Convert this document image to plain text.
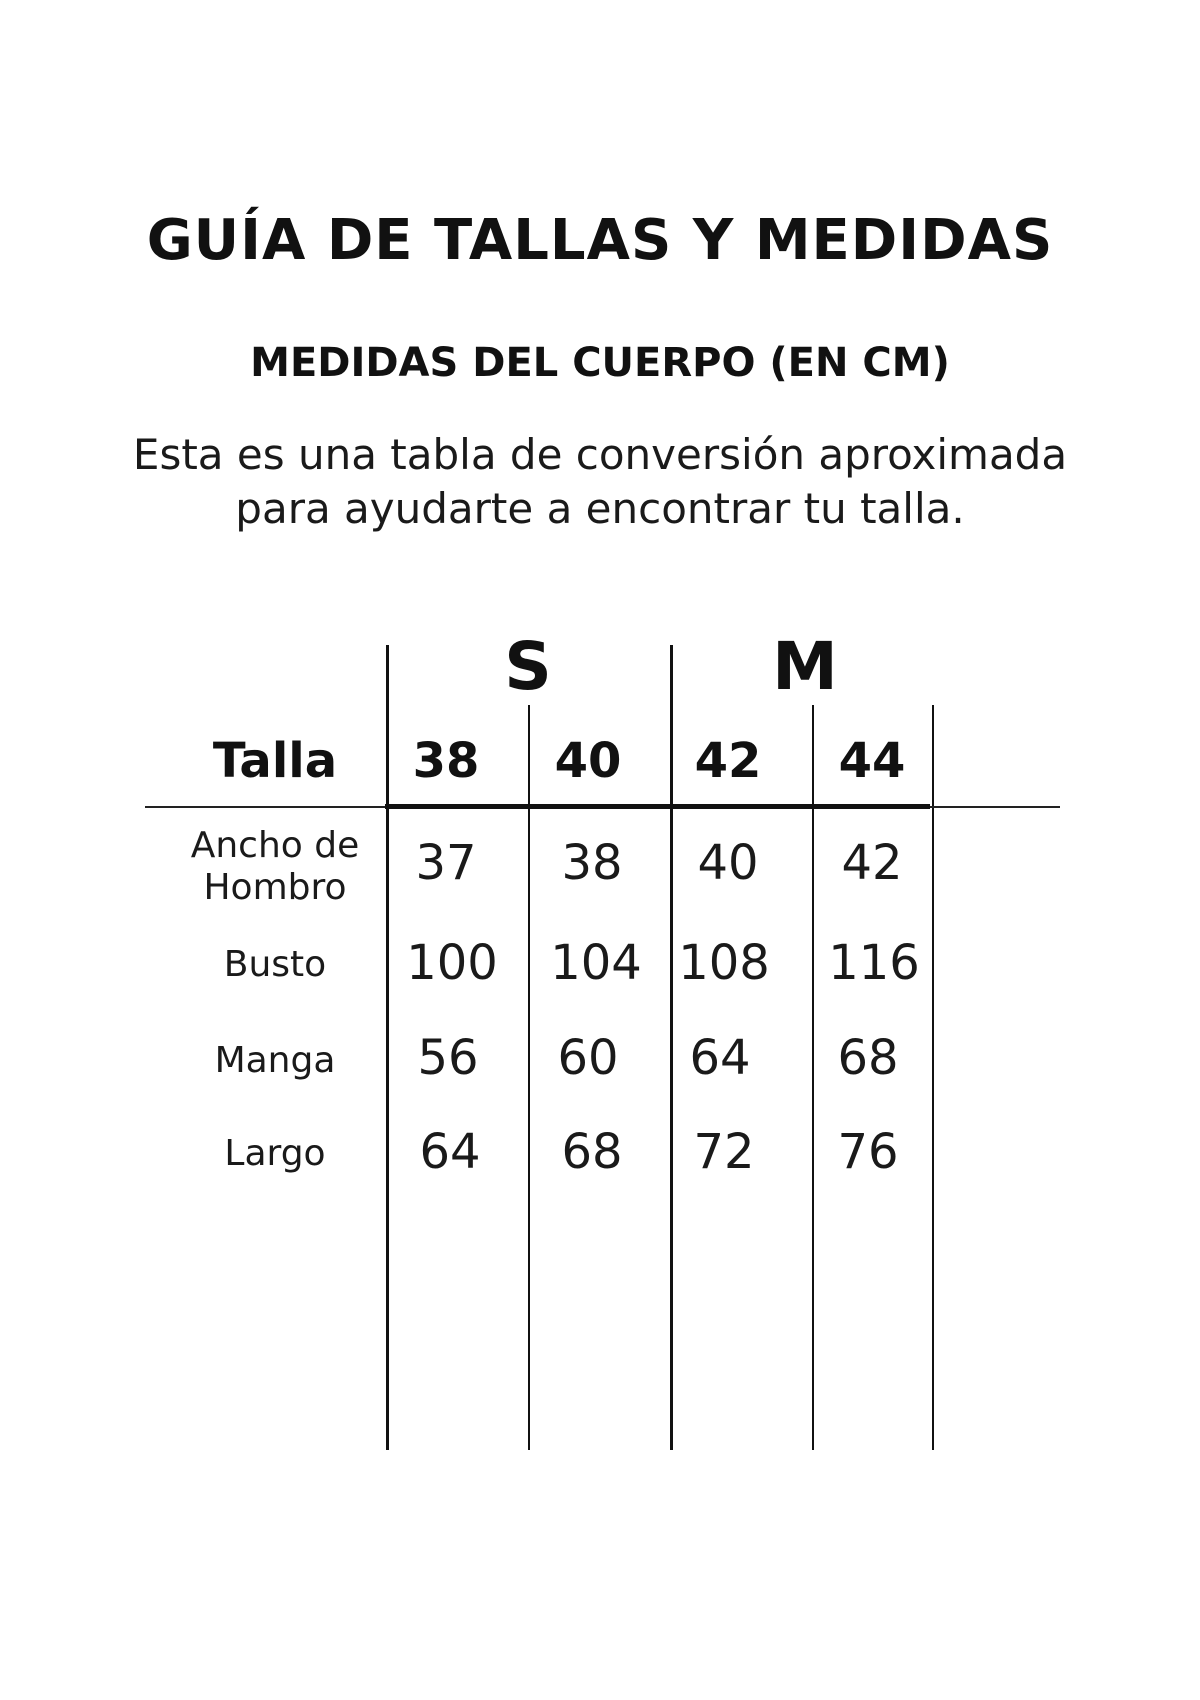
GUÍA DE TALLAS Y MEDIDAS
MEDIDAS DEL CUERPO (EN CM)
Esta es una tabla de conversión aproximada para ayudarte a encontrar tu talla.
S	M
Talla	38	40	42	44
Ancho de
Hombro	37	38	40	42
Busto	100	104 108	116
Manga	56	60	64	68
Largo	64	68	72	76
